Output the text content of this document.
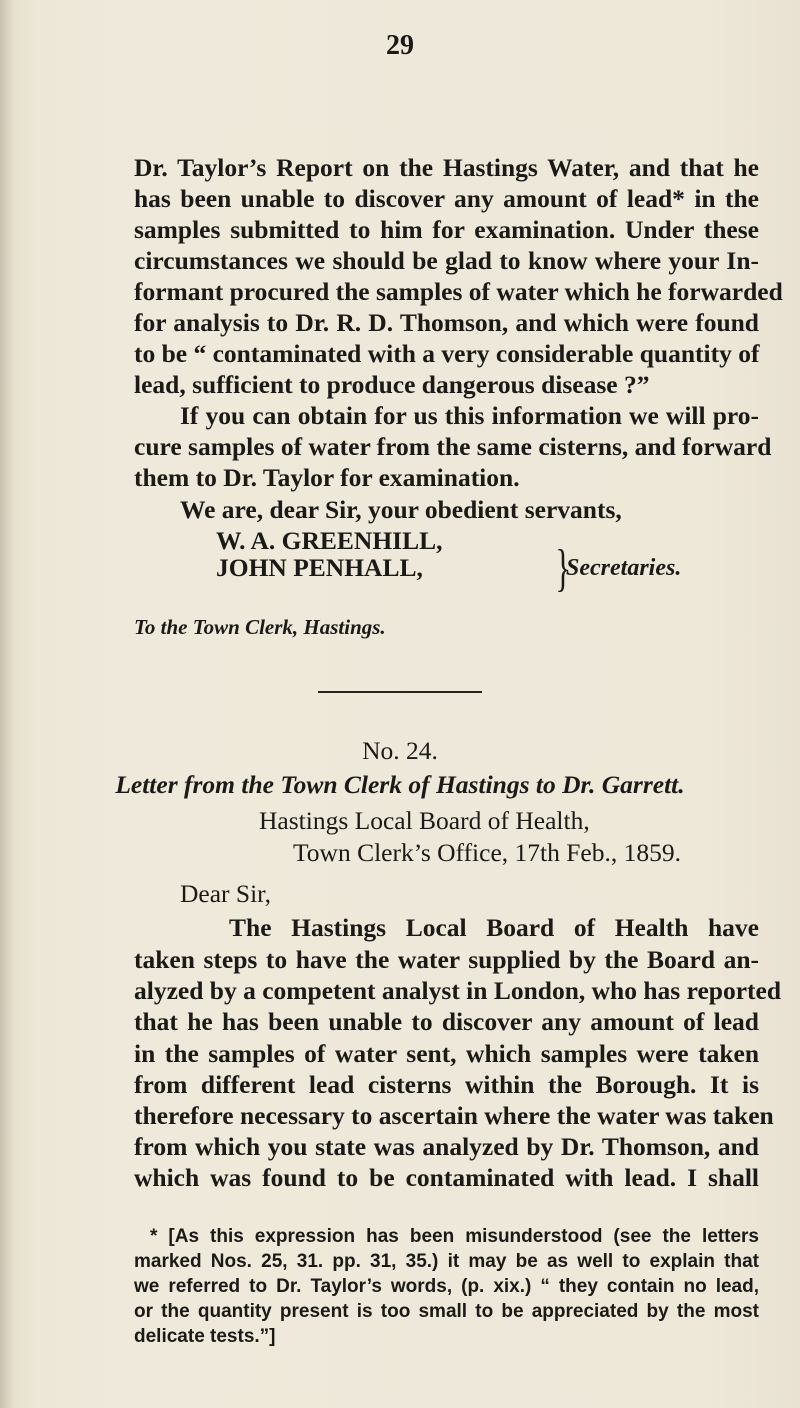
29
Dr. Taylor’s Report on the Hastings Water, and that he
has been unable to discover any amount of lead* in the
samples submitted to him for examination. Under these
circumstances we should be glad to know where your In-
formant procured the samples of water which he forwarded
for analysis to Dr. R. D. Thomson, and which were found
to be “ contaminated with a very considerable quantity of
lead, sufficient to produce dangerous disease ?”
If you can obtain for us this information we will pro-
cure samples of water from the same cisterns, and forward
them to Dr. Taylor for examination.
We are, dear Sir, your obedient servants,
W. A. GREENHILL,
JOHN PENHALL,
To the Town Clerk, Hastings.
}
Secretaries.
No. 24.
Letter from the Town Clerk of Hastings to Dr. Garrett.
Hastings Local Board of Health,
Town Clerk’s Office, 17th Feb., 1859.
Dear Sir,
The Hastings Local Board of Health have
taken steps to have the water supplied by the Board an-
alyzed by a competent analyst in London, who has reported
that he has been unable to discover any amount of lead
in the samples of water sent, which samples were taken
from different lead cisterns within the Borough. It is
therefore necessary to ascertain where the water was taken
from which you state was analyzed by Dr. Thomson, and
which was found to be contaminated with lead. I shall
* [As this expression has been misunderstood (see the letters
marked Nos. 25, 31. pp. 31, 35.) it may be as well to explain that
we referred to Dr. Taylor’s words, (p. xix.) “ they contain no lead,
or the quantity present is too small to be appreciated by the most
delicate tests.”]
